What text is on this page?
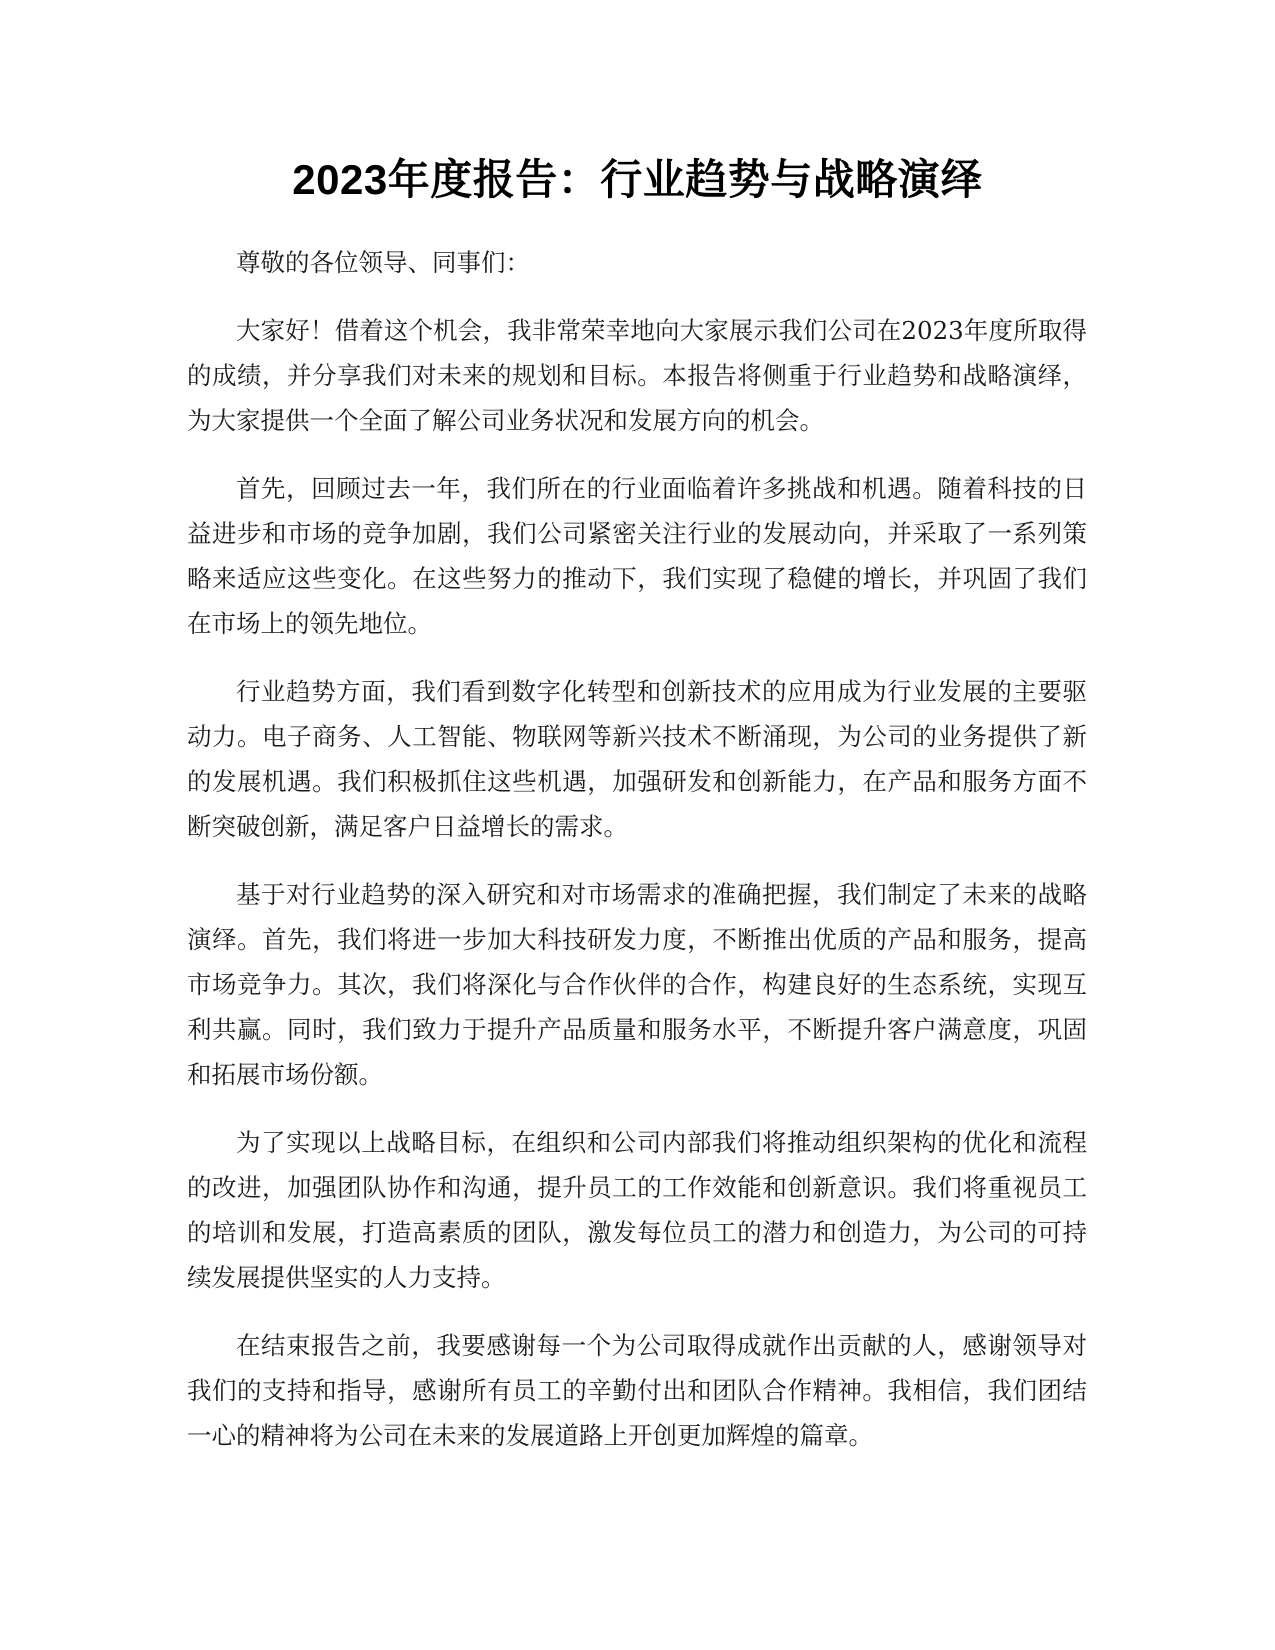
2023年度报告：行业趋势与战略演绎

尊敬的各位领导、同事们：

大家好！借着这个机会，我非常荣幸地向大家展示我们公司在2023年度所取得的成绩，并分享我们对未来的规划和目标。本报告将侧重于行业趋势和战略演绎，为大家提供一个全面了解公司业务状况和发展方向的机会。

首先，回顾过去一年，我们所在的行业面临着许多挑战和机遇。随着科技的日益进步和市场的竞争加剧，我们公司紧密关注行业的发展动向，并采取了一系列策略来适应这些变化。在这些努力的推动下，我们实现了稳健的增长，并巩固了我们在市场上的领先地位。

行业趋势方面，我们看到数字化转型和创新技术的应用成为行业发展的主要驱动力。电子商务、人工智能、物联网等新兴技术不断涌现，为公司的业务提供了新的发展机遇。我们积极抓住这些机遇，加强研发和创新能力，在产品和服务方面不断突破创新，满足客户日益增长的需求。

基于对行业趋势的深入研究和对市场需求的准确把握，我们制定了未来的战略演绎。首先，我们将进一步加大科技研发力度，不断推出优质的产品和服务，提高市场竞争力。其次，我们将深化与合作伙伴的合作，构建良好的生态系统，实现互利共赢。同时，我们致力于提升产品质量和服务水平，不断提升客户满意度，巩固和拓展市场份额。

为了实现以上战略目标，在组织和公司内部我们将推动组织架构的优化和流程的改进，加强团队协作和沟通，提升员工的工作效能和创新意识。我们将重视员工的培训和发展，打造高素质的团队，激发每位员工的潜力和创造力，为公司的可持续发展提供坚实的人力支持。

在结束报告之前，我要感谢每一个为公司取得成就作出贡献的人，感谢领导对我们的支持和指导，感谢所有员工的辛勤付出和团队合作精神。我相信，我们团结一心的精神将为公司在未来的发展道路上开创更加辉煌的篇章。
